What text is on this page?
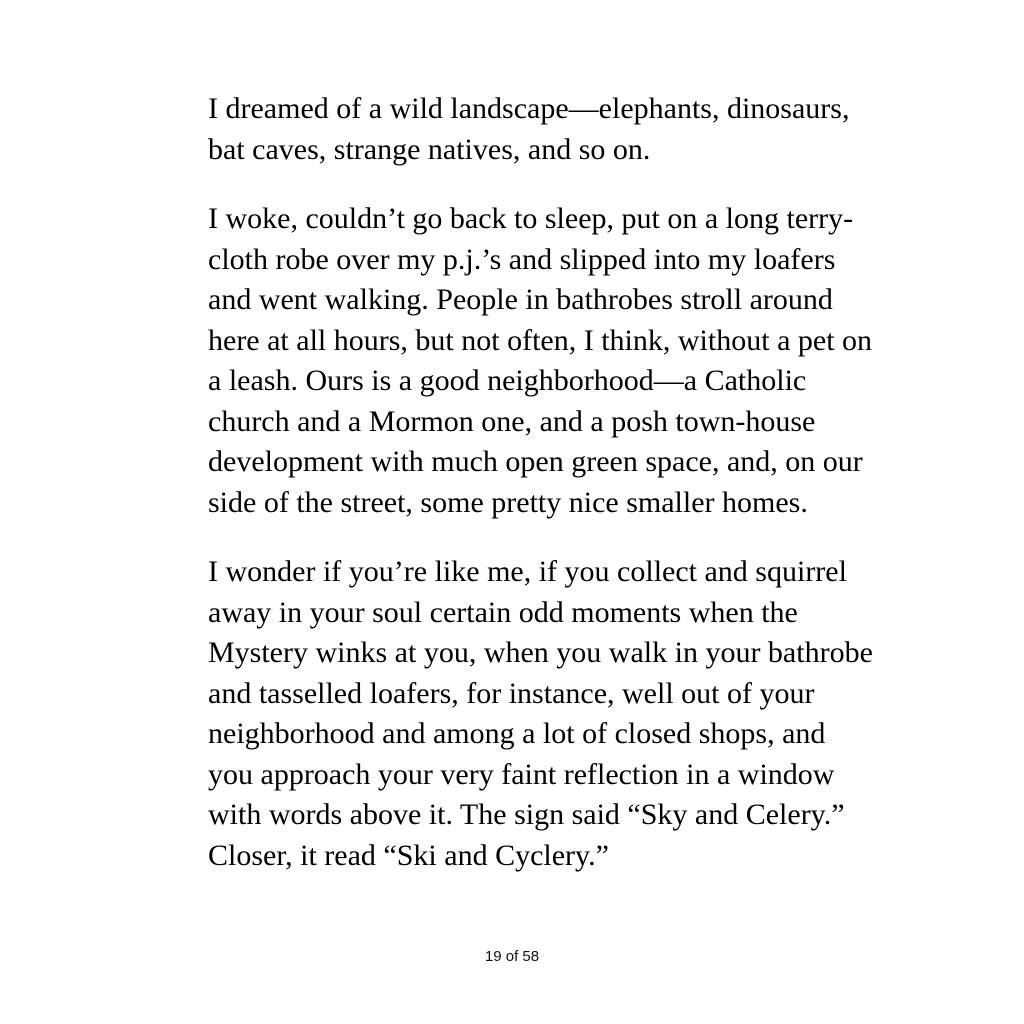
I dreamed of a wild landscape—elephants, dinosaurs,
bat caves, strange natives, and so on.
I woke, couldn’t go back to sleep, put on a long terry-
cloth robe over my p.j.’s and slipped into my loafers
and went walking. People in bathrobes stroll around
here at all hours, but not often, I think, without a pet on
a leash. Ours is a good neighborhood—a Catholic
church and a Mormon one, and a posh town-house
development with much open green space, and, on our
side of the street, some pretty nice smaller homes.
I wonder if you’re like me, if you collect and squirrel
away in your soul certain odd moments when the
Mystery winks at you, when you walk in your bathrobe
and tasselled loafers, for instance, well out of your
neighborhood and among a lot of closed shops, and
you approach your very faint reflection in a window
with words above it. The sign said “Sky and Celery.”
Closer, it read “Ski and Cyclery.”
19 of 58
